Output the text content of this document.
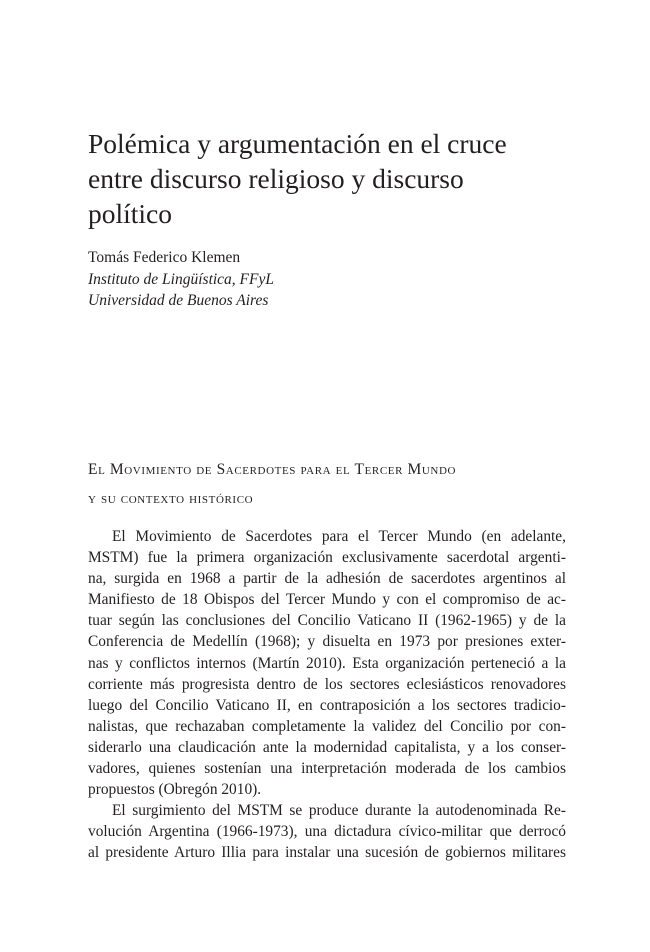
Polémica y argumentación en el cruce
entre discurso religioso y discurso
político
Tomás Federico Klemen
Instituto de Lingüística, FFyL
Universidad de Buenos Aires
El Movimiento de Sacerdotes para el Tercer Mundo
y su contexto histórico
El Movimiento de Sacerdotes para el Tercer Mundo (en adelante,
MSTM) fue la primera organización exclusivamente sacerdotal argenti-
na, surgida en 1968 a partir de la adhesión de sacerdotes argentinos al
Manifiesto de 18 Obispos del Tercer Mundo y con el compromiso de ac-
tuar según las conclusiones del Concilio Vaticano II (1962-1965) y de la
Conferencia de Medellín (1968); y disuelta en 1973 por presiones exter-
nas y conflictos internos (Martín 2010). Esta organización perteneció a la
corriente más progresista dentro de los sectores eclesiásticos renovadores
luego del Concilio Vaticano II, en contraposición a los sectores tradicio-
nalistas, que rechazaban completamente la validez del Concilio por con-
siderarlo una claudicación ante la modernidad capitalista, y a los conser-
vadores, quienes sostenían una interpretación moderada de los cambios
propuestos (Obregón 2010).
El surgimiento del MSTM se produce durante la autodenominada Re-
volución Argentina (1966-1973), una dictadura cívico-militar que derrocó
al presidente Arturo Illia para instalar una sucesión de gobiernos militares
